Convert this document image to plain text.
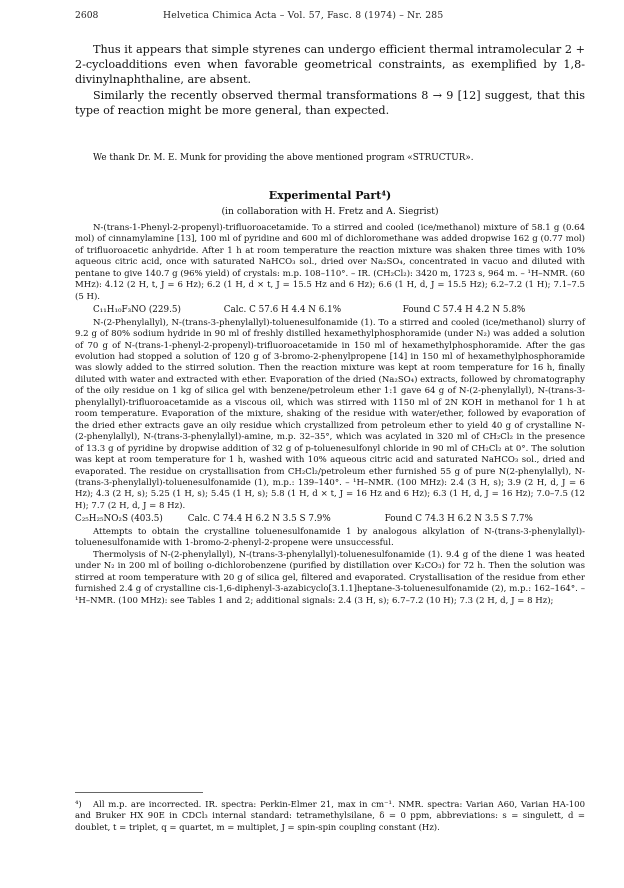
2608	Helvetica Chimica Acta – Vol. 57, Fasc. 8 (1974) – Nr. 285

Thus it appears that simple styrenes can undergo efficient thermal intramolecular 2 + 2-cycloadditions even when favorable geometrical constraints, as exemplified by 1,8-divinylnaphthaline, are absent.

Similarly the recently observed thermal transformations 8 → 9 [12] suggest, that this type of reaction might be more general, than expected.

We thank Dr. M. E. Munk for providing the above mentioned program «STRUCTUR».
Experimental Part⁴)
(in collaboration with H. Fretz and A. Siegrist)

N-(trans-1-Phenyl-2-propenyl)-trifluoroacetamide. To a stirred and cooled (ice/methanol) mixture of 58.1 g (0.64 mol) of cinnamylamine [13], 100 ml of pyridine and 600 ml of dichloromethane was added dropwise 162 g (0.77 mol) of trifluoroacetic anhydride. After 1 h at room temperature the reaction mixture was shaken three times with 10% aqueous citric acid, once with saturated NaHCO₃ sol., dried over Na₂SO₄, concentrated in vacuo and diluted with pentane to give 140.7 g (96% yield) of crystals: m.p. 108–110°. – IR. (CH₂Cl₂): 3420 m, 1723 s, 964 m. – ¹H–NMR. (60 MHz): 4.12 (2 H, t, J = 6 Hz); 6.2 (1 H, d × t, J = 15.5 Hz and 6 Hz); 6.6 (1 H, d, J = 15.5 Hz); 6.2–7.2 (1 H); 7.1–7.5 (5 H).

C₁₁H₁₀F₃NO (229.5)	Calc. C 57.6 H 4.4 N 6.1%	Found C 57.4 H 4.2 N 5.8%

N-(2-Phenylallyl), N-(trans-3-phenylallyl)-toluenesulfonamide (1). To a stirred and cooled (ice/methanol) slurry of 9.2 g of 80% sodium hydride in 90 ml of freshly distilled hexamethylphosphoramide (under N₂) was added a solution of 70 g of N-(trans-1-phenyl-2-propenyl)-trifluoroacetamide in 150 ml of hexamethylphosphoramide. After the gas evolution had stopped a solution of 120 g of 3-bromo-2-phenylpropene [14] in 150 ml of hexamethylphosphoramide was slowly added to the stirred solution. Then the reaction mixture was kept at room temperature for 16 h, finally diluted with water and extracted with ether. Evaporation of the dried (Na₂SO₄) extracts, followed by chromatography of the oily residue on 1 kg of silica gel with benzene/petroleum ether 1:1 gave 64 g of N-(2-phenylallyl), N-(trans-3-phenylallyl)-trifluoroacetamide as a viscous oil, which was stirred with 1150 ml of 2N KOH in methanol for 1 h at room temperature. Evaporation of the mixture, shaking of the residue with water/ether, followed by evaporation of the dried ether extracts gave an oily residue which crystallized from petroleum ether to yield 40 g of crystalline N-(2-phenylallyl), N-(trans-3-phenylallyl)-amine, m.p. 32–35°, which was acylated in 320 ml of CH₂Cl₂ in the presence of 13.3 g of pyridine by dropwise addition of 32 g of p-toluenesulfonyl chloride in 90 ml of CH₂Cl₂ at 0°. The solution was kept at room temperature for 1 h, washed with 10% aqueous citric acid and saturated NaHCO₃ sol., dried and evaporated. The residue on crystallisation from CH₂Cl₂/petroleum ether furnished 55 g of pure N(2-phenylallyl), N-(trans-3-phenylallyl)-toluenesulfonamide (1), m.p.: 139–140°. – ¹H–NMR. (100 MHz): 2.4 (3 H, s); 3.9 (2 H, d, J = 6 Hz); 4.3 (2 H, s); 5.25 (1 H, s); 5.45 (1 H, s); 5.8 (1 H, d × t, J = 16 Hz and 6 Hz); 6.3 (1 H, d, J = 16 Hz); 7.0–7.5 (12 H); 7.7 (2 H, d, J = 8 Hz).

C₂₅H₂₅NO₂S (403.5)	Calc. C 74.4 H 6.2 N 3.5 S 7.9%	Found C 74.3 H 6.2 N 3.5 S 7.7%

Attempts to obtain the crystalline toluenesulfonamide 1 by analogous alkylation of N-(trans-3-phenylallyl)-toluenesulfonamide with 1-bromo-2-phenyl-2-propene were unsuccessful.

Thermolysis of N-(2-phenylallyl), N-(trans-3-phenylallyl)-toluenesulfonamide (1). 9.4 g of the diene 1 was heated under N₂ in 200 ml of boiling o-dichlorobenzene (purified by distillation over K₂CO₃) for 72 h. Then the solution was stirred at room temperature with 20 g of silica gel, filtered and evaporated. Crystallisation of the residue from ether furnished 2.4 g of crystalline cis-1,6-diphenyl-3-azabicyclo[3.1.1]heptane-3-toluenesulfonamide (2), m.p.: 162–164°. – ¹H–NMR. (100 MHz): see Tables 1 and 2; additional signals: 2.4 (3 H, s); 6.7–7.2 (10 H); 7.3 (2 H, d, J = 8 Hz);

⁴) All m.p. are incorrected. IR. spectra: Perkin-Elmer 21, max in cm⁻¹. NMR. spectra: Varian A60, Varian HA-100 and Bruker HX 90E in CDCl₃ internal standard: tetramethylsilane, δ = 0 ppm, abbreviations: s = singulett, d = doublet, t = triplet, q = quartet, m = multiplet, J = spin-spin coupling constant (Hz).
